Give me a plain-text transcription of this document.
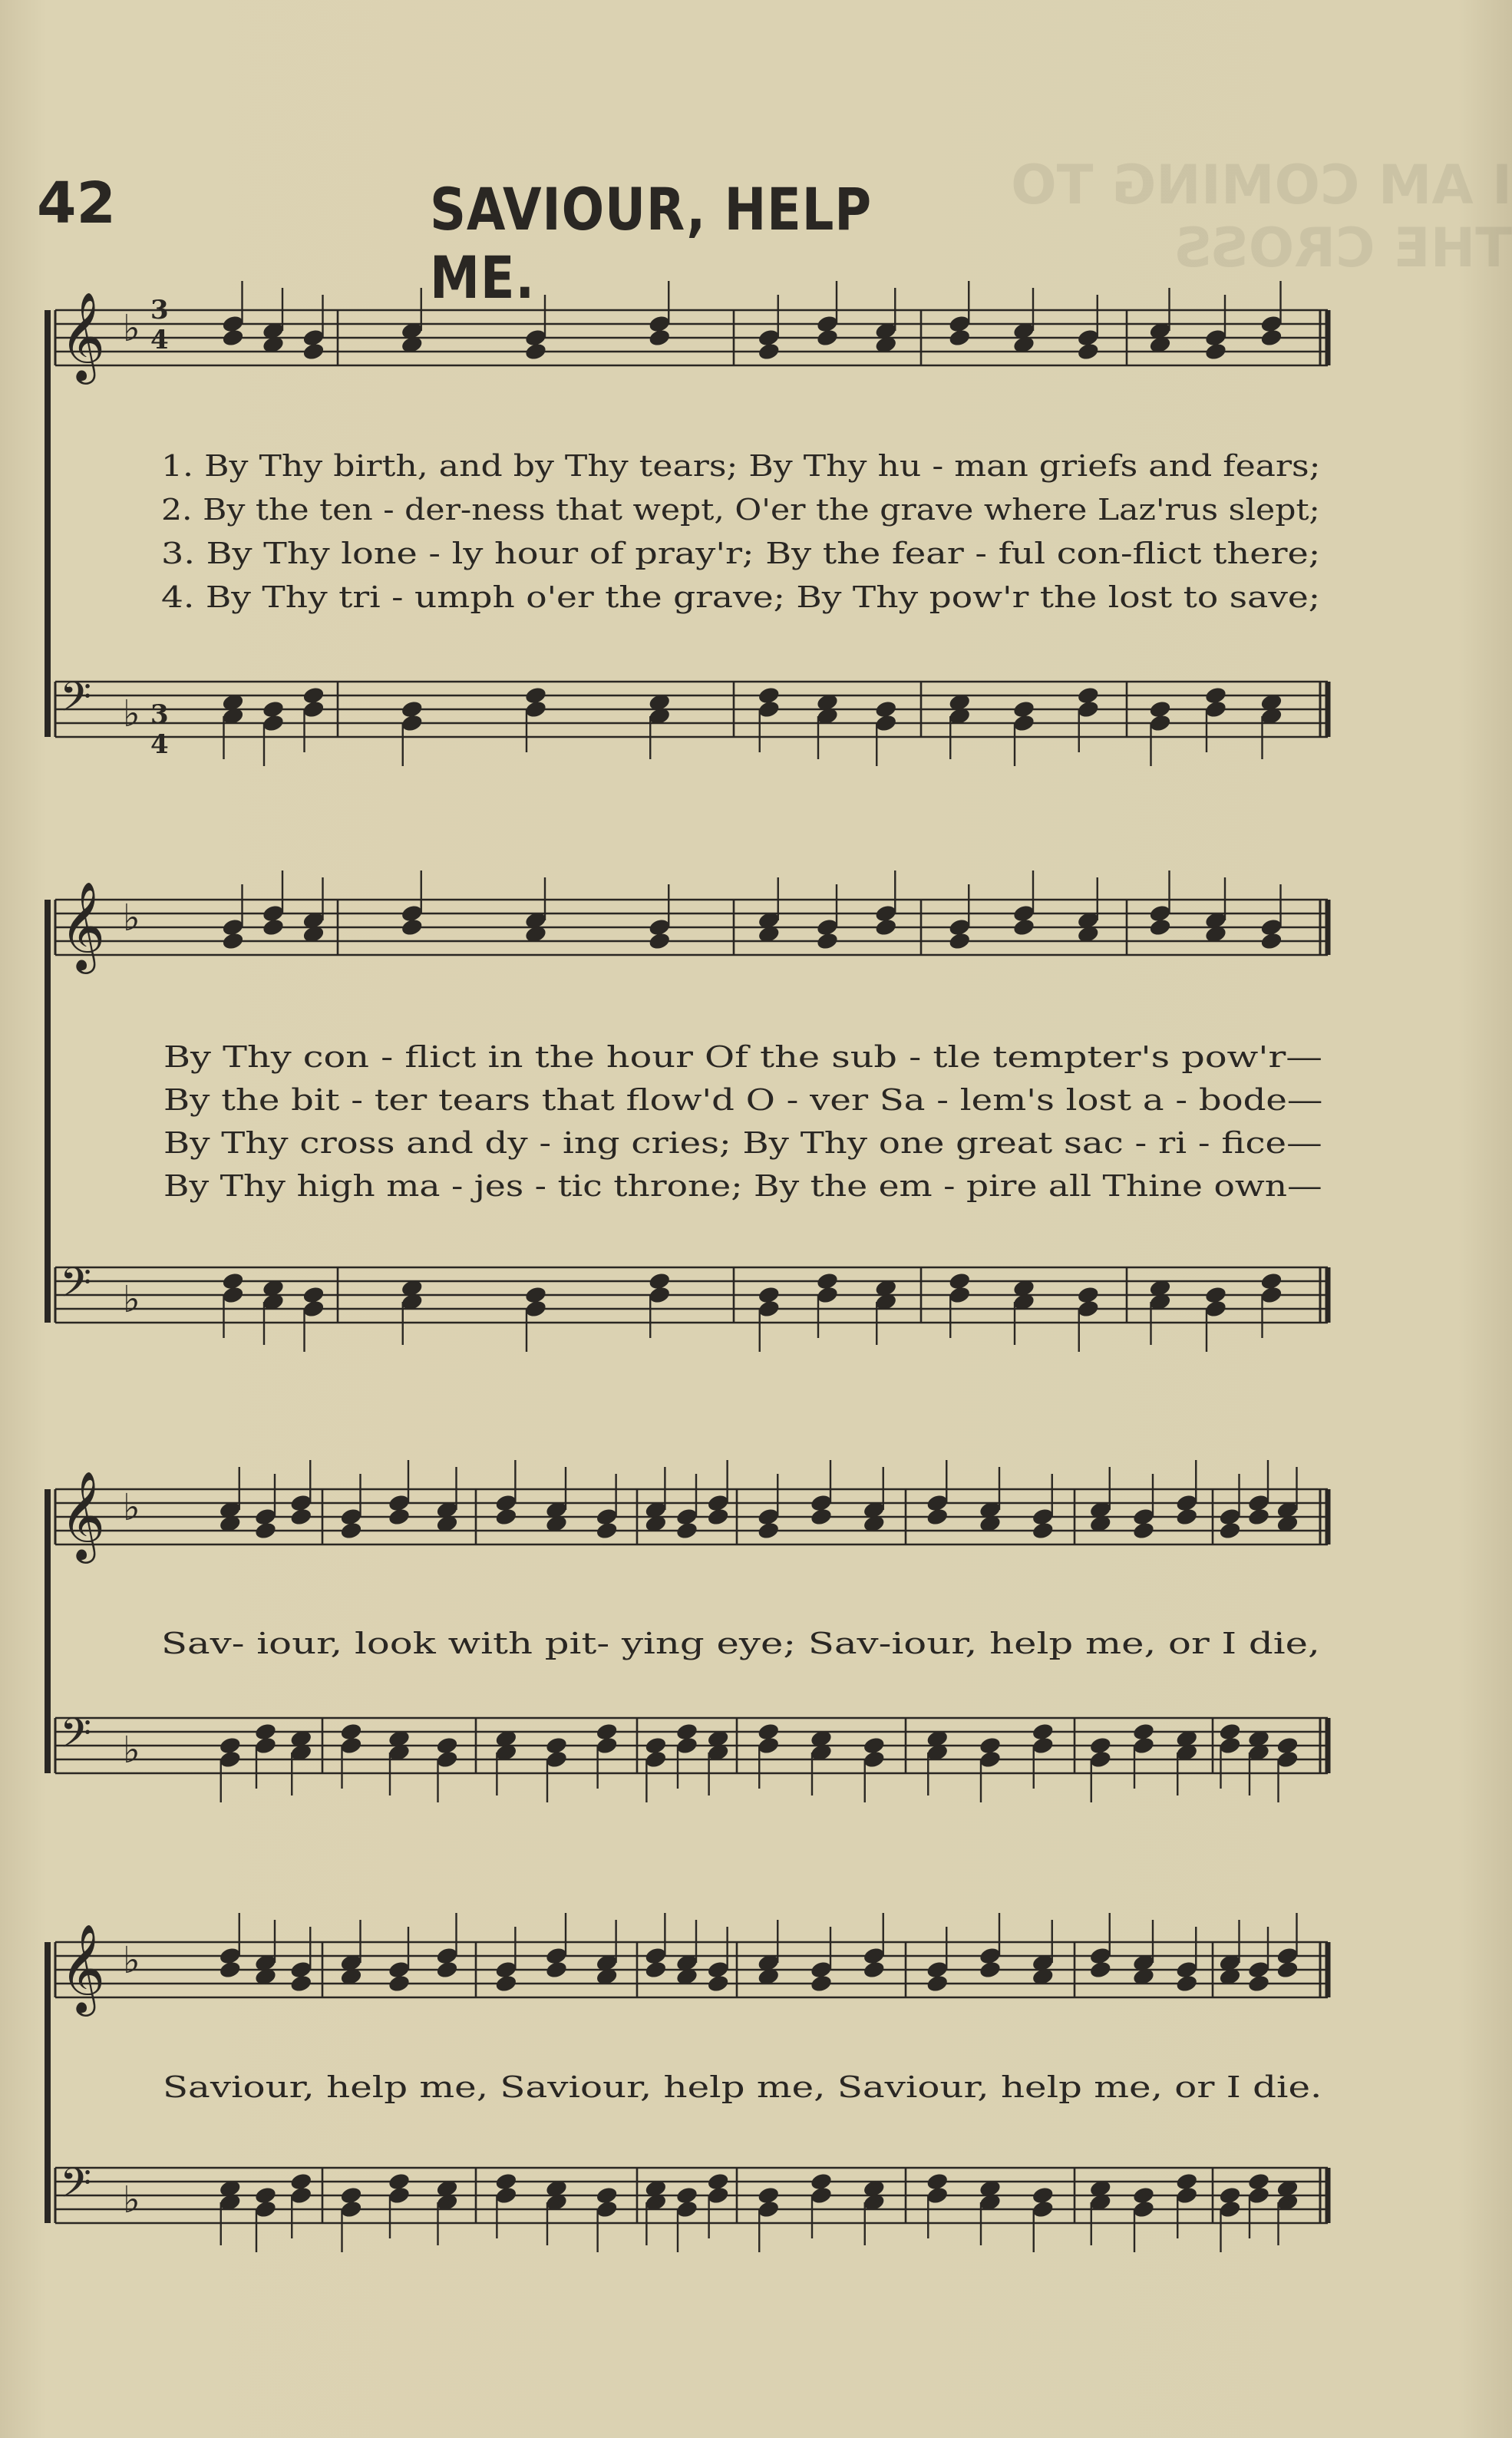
42	SAVIOUR, HELP ME.
I AM COMING TO THE CROSS
𝄞 ♭
𝄢 ♭
𝄞 ♭
𝄢 ♭
𝄞 ♭
𝄢 ♭
𝄞 ♭
𝄢 ♭
3
4
3
4
1. By Thy birth, and by Thy tears; By Thy hu - man griefs and fears;
2. By the ten - der-ness that wept, O'er the grave where Laz'rus slept;
3. By Thy lone - ly hour of pray'r; By the fear - ful con-flict there;
4. By Thy tri - umph o'er the grave; By Thy pow'r the lost to save;
By Thy con - flict in the hour Of the sub - tle tempter's pow'r—
By the bit - ter tears that flow'd O - ver Sa - lem's lost a - bode—
By Thy cross and dy - ing cries; By Thy one great sac - ri - fice—
By Thy high ma - jes - tic throne; By the em - pire all Thine own—
Sav- iour, look with pit- ying eye; Sav-iour, help me, or I die,
Saviour, help me, Saviour, help me, Saviour, help me, or I die.
